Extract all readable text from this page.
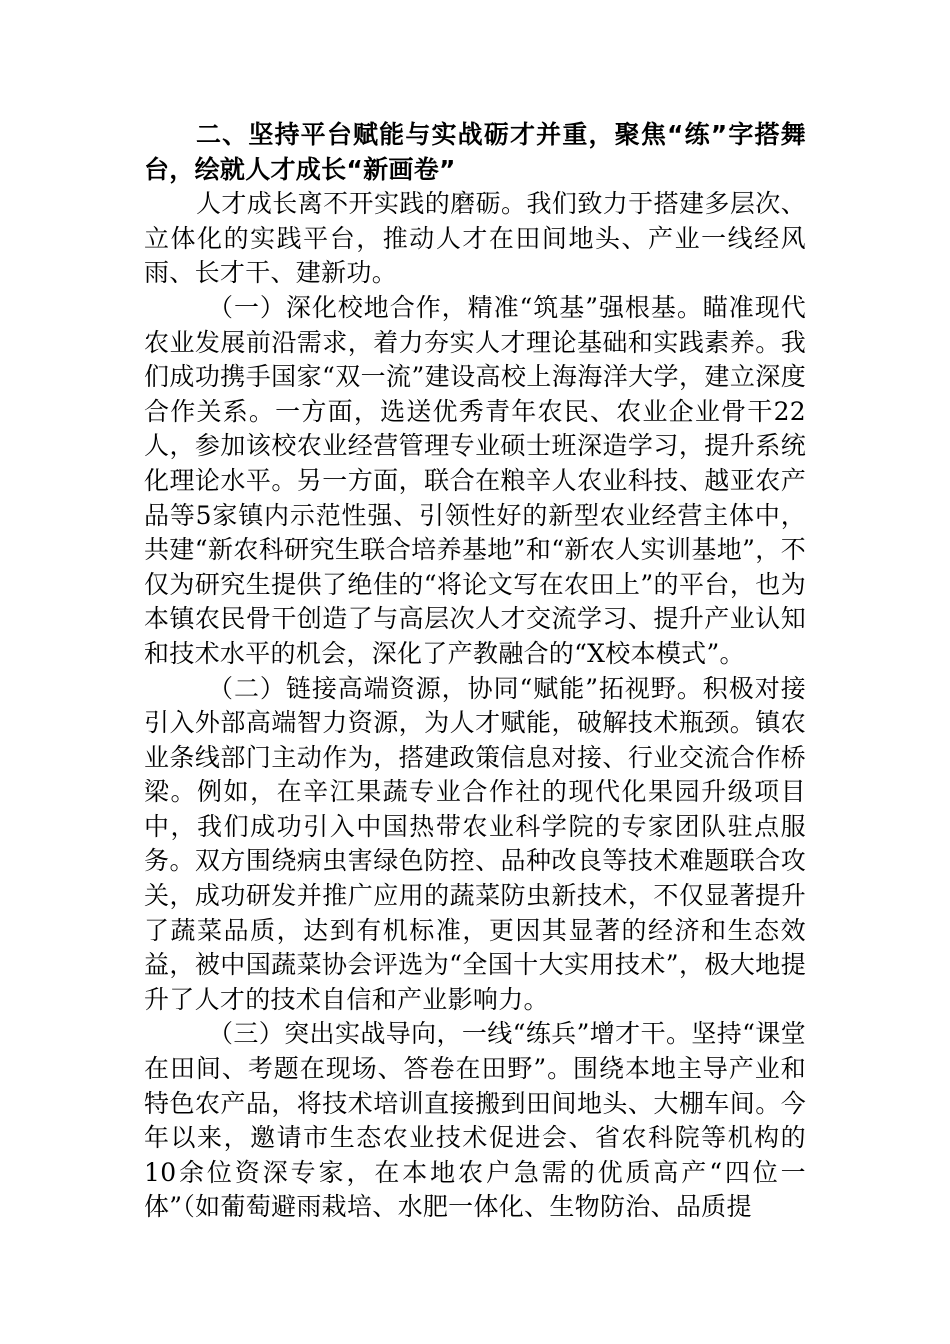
二、坚持平台赋能与实战砺才并重，聚焦“练”字搭舞台，绘就人才成长“新画卷”

人才成长离不开实践的磨砺。我们致力于搭建多层次、立体化的实践平台，推动人才在田间地头、产业一线经风雨、长才干、建新功。

（一）深化校地合作，精准“筑基”强根基。瞄准现代农业发展前沿需求，着力夯实人才理论基础和实践素养。我们成功携手国家“双一流”建设高校上海海洋大学，建立深度合作关系。一方面，选送优秀青年农民、农业企业骨干22人，参加该校农业经营管理专业硕士班深造学习，提升系统化理论水平。另一方面，联合在粮辛人农业科技、越亚农产品等5家镇内示范性强、引领性好的新型农业经营主体中，共建“新农科研究生联合培养基地”和“新农人实训基地”，不仅为研究生提供了绝佳的“将论文写在农田上”的平台，也为本镇农民骨干创造了与高层次人才交流学习、提升产业认知和技术水平的机会，深化了产教融合的“X校本模式”。

（二）链接高端资源，协同“赋能”拓视野。积极对接引入外部高端智力资源，为人才赋能，破解技术瓶颈。镇农业条线部门主动作为，搭建政策信息对接、行业交流合作桥梁。例如，在辛江果蔬专业合作社的现代化果园升级项目中，我们成功引入中国热带农业科学院的专家团队驻点服务。双方围绕病虫害绿色防控、品种改良等技术难题联合攻关，成功研发并推广应用的蔬菜防虫新技术，不仅显著提升了蔬菜品质，达到有机标准，更因其显著的经济和生态效益，被中国蔬菜协会评选为“全国十大实用技术”，极大地提升了人才的技术自信和产业影响力。

（三）突出实战导向，一线“练兵”增才干。坚持“课堂在田间、考题在现场、答卷在田野”。围绕本地主导产业和特色农产品，将技术培训直接搬到田间地头、大棚车间。今年以来，邀请市生态农业技术促进会、省农科院等机构的10余位资深专家，在本地农户急需的优质高产“四位一体”（如葡萄避雨栽培、水肥一体化、生物防治、品质提
